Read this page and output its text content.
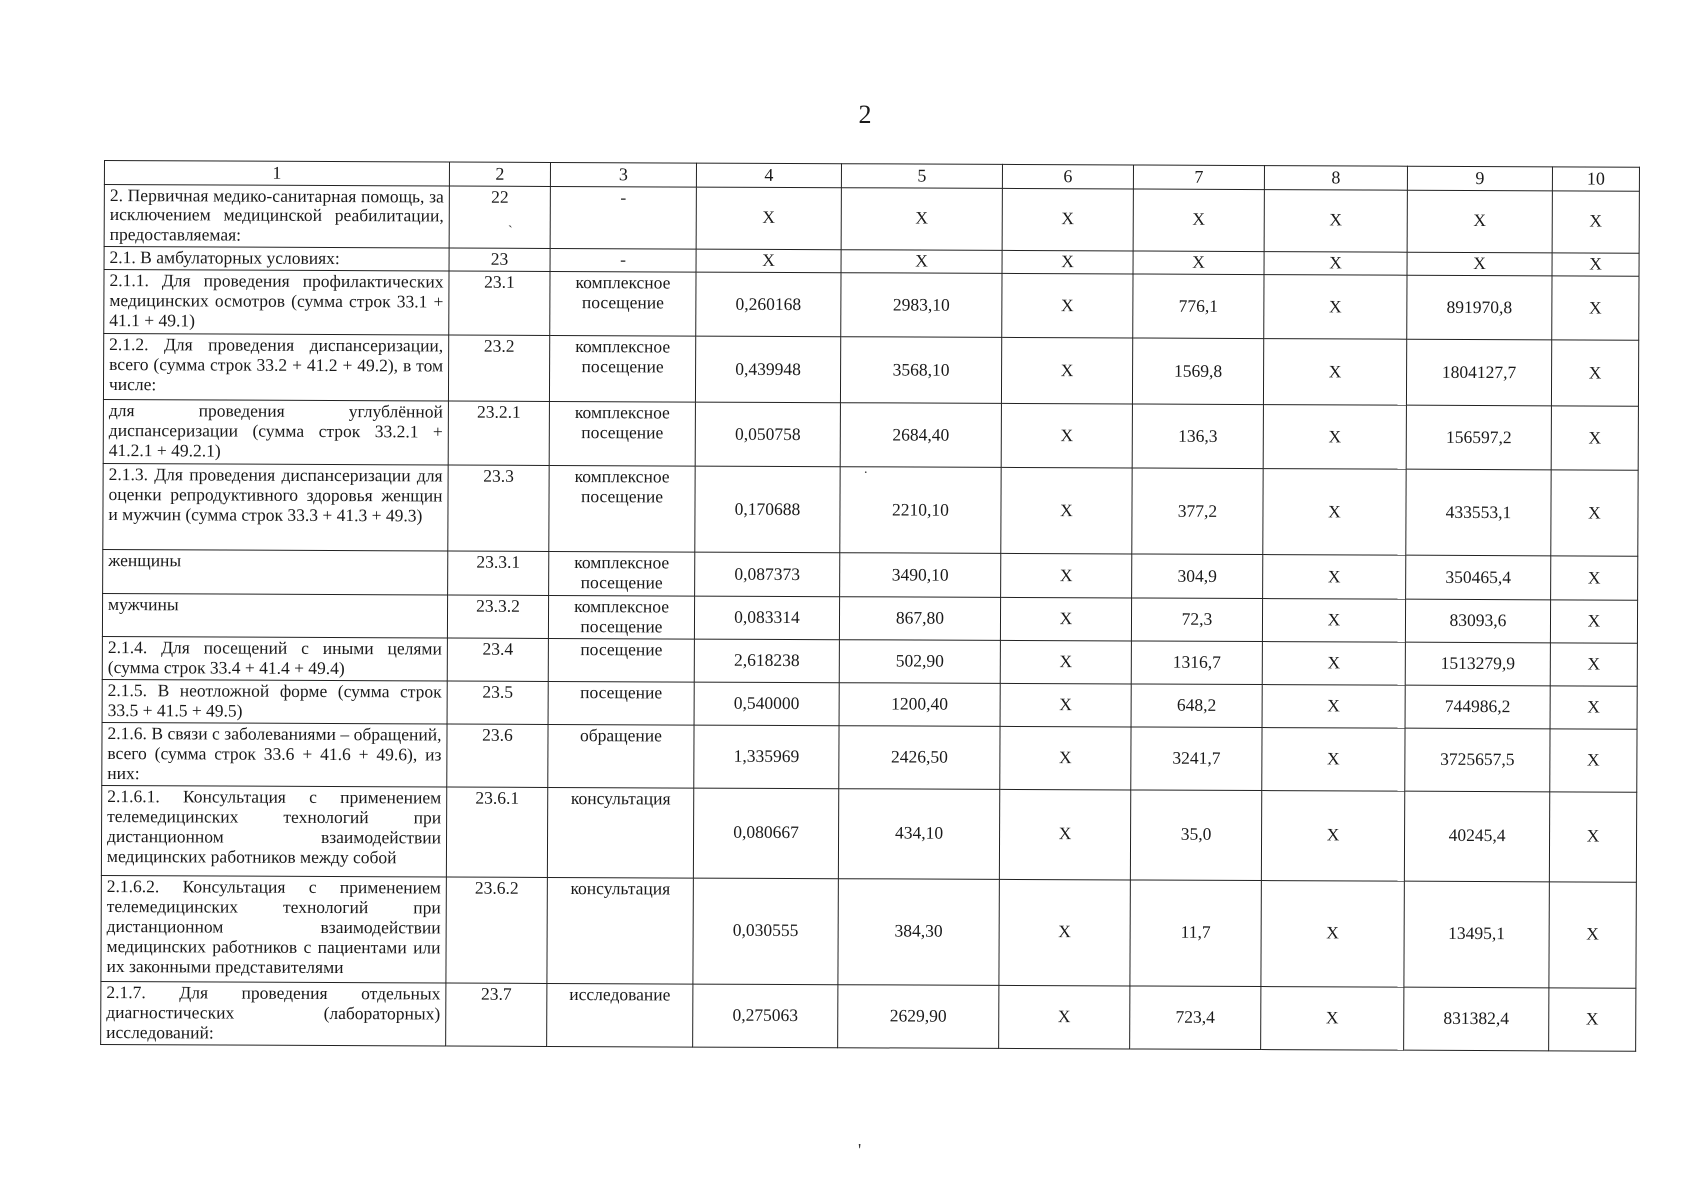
2
1	2	3	4	5	6	7	8	9	10
2. Первичная медико-санитарная помощь, за исключением медицинской реабилитации, предоставляемая:	22	-	X	X	X	X	X	X	X
2.1. В амбулаторных условиях:	23	-	X	X	X	X	X	X	X
2.1.1. Для проведения профилактических медицинских осмотров (сумма строк 33.1 + 41.1 + 49.1)	23.1	комплексное посещение	0,260168	2983,10	X	776,1	X	891970,8	X
2.1.2. Для проведения диспансеризации, всего (сумма строк 33.2 + 41.2 + 49.2), в том числе:	23.2	комплексное посещение	0,439948	3568,10	X	1569,8	X	1804127,7	X
для проведения углублённой диспансеризации (сумма строк 33.2.1 + 41.2.1 + 49.2.1)	23.2.1	комплексное посещение	0,050758	2684,40	X	136,3	X	156597,2	X
2.1.3. Для проведения диспансеризации для оценки репродуктивного здоровья женщин и мужчин (сумма строк 33.3 + 41.3 + 49.3)	23.3	комплексное посещение	0,170688	2210,10	X	377,2	X	433553,1	X
женщины	23.3.1	комплексное посещение	0,087373	3490,10	X	304,9	X	350465,4	X
мужчины	23.3.2	комплексное посещение	0,083314	867,80	X	72,3	X	83093,6	X
2.1.4. Для посещений с иными целями (сумма строк 33.4 + 41.4 + 49.4)	23.4	посещение	2,618238	502,90	X	1316,7	X	1513279,9	X
2.1.5. В неотложной форме (сумма строк 33.5 + 41.5 + 49.5)	23.5	посещение	0,540000	1200,40	X	648,2	X	744986,2	X
2.1.6. В связи с заболеваниями – обращений, всего (сумма строк 33.6 + 41.6 + 49.6), из них:	23.6	обращение	1,335969	2426,50	X	3241,7	X	3725657,5	X
2.1.6.1. Консультация с применением телемедицинских технологий при дистанционном взаимодействии медицинских работников между собой	23.6.1	консультация	0,080667	434,10	X	35,0	X	40245,4	X
2.1.6.2. Консультация с применением телемедицинских технологий при дистанционном взаимодействии медицинских работников с пациентами или их законными представителями	23.6.2	консультация	0,030555	384,30	X	11,7	X	13495,1	X
2.1.7. Для проведения отдельных диагностических (лабораторных) исследований:	23.7	исследование	0,275063	2629,90	X	723,4	X	831382,4	X
`
.
'
